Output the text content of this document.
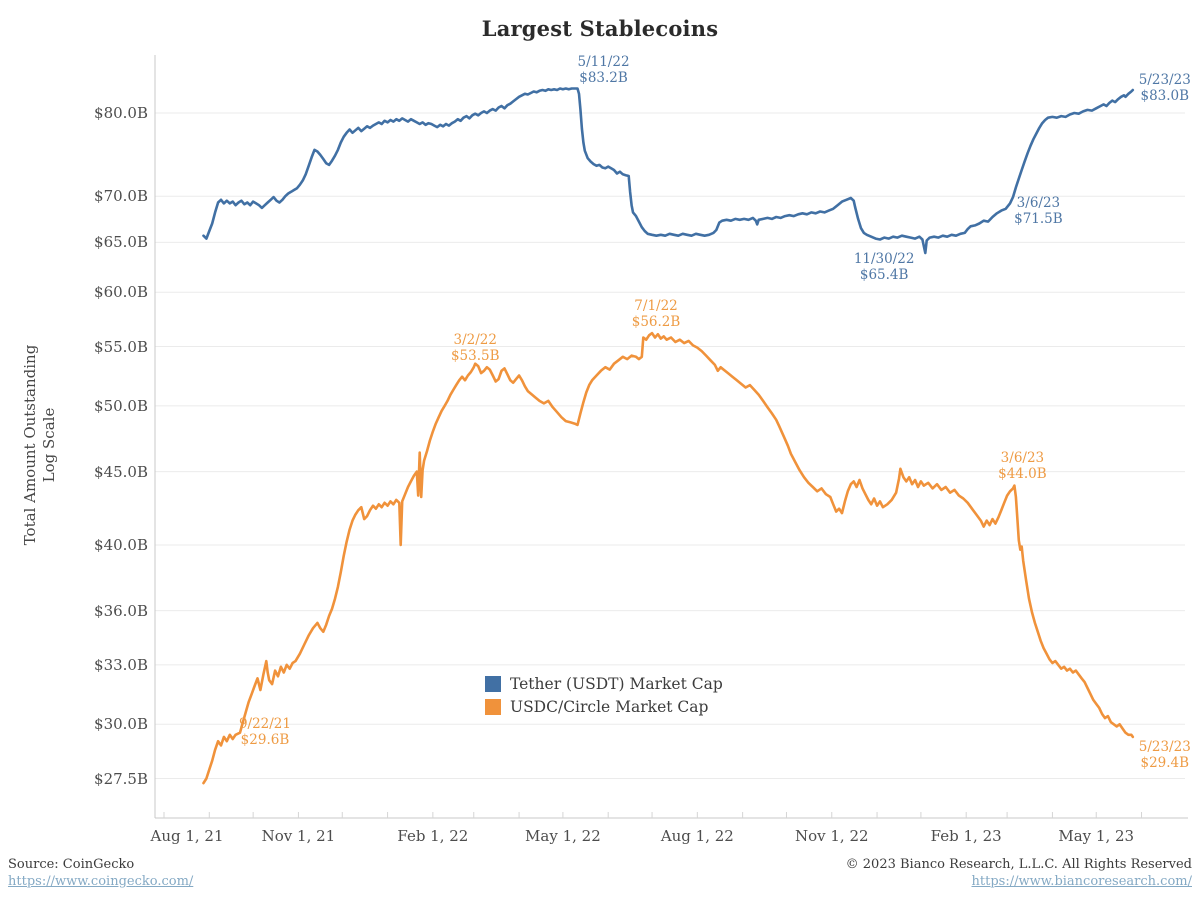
Largest Stablecoins
Total Amount Outstanding Log Scale
$80.0B
$70.0B
$65.0B
$60.0B
$55.0B
$50.0B
$45.0B
$40.0B
$36.0B
$33.0B
$30.0B
$27.5B
Aug 1, 21	Nov 1, 21	Feb 1, 22	May 1, 22	Aug 1, 22	Nov 1, 22	Feb 1, 23	May 1, 23
5/11/22
$83.2B
11/30/22
$65.4B
3/6/23
$71.5B
5/23/23
$83.0B
9/22/21
$29.6B
3/2/22
$53.5B
7/1/22
$56.2B
3/6/23
$44.0B
5/23/23
$29.4B
Tether (USDT) Market Cap
USDC/Circle Market Cap
Source: CoinGecko
https://www.coingecko.com/
© 2023 Bianco Research, L.L.C. All Rights Reserved
https://www.biancoresearch.com/
